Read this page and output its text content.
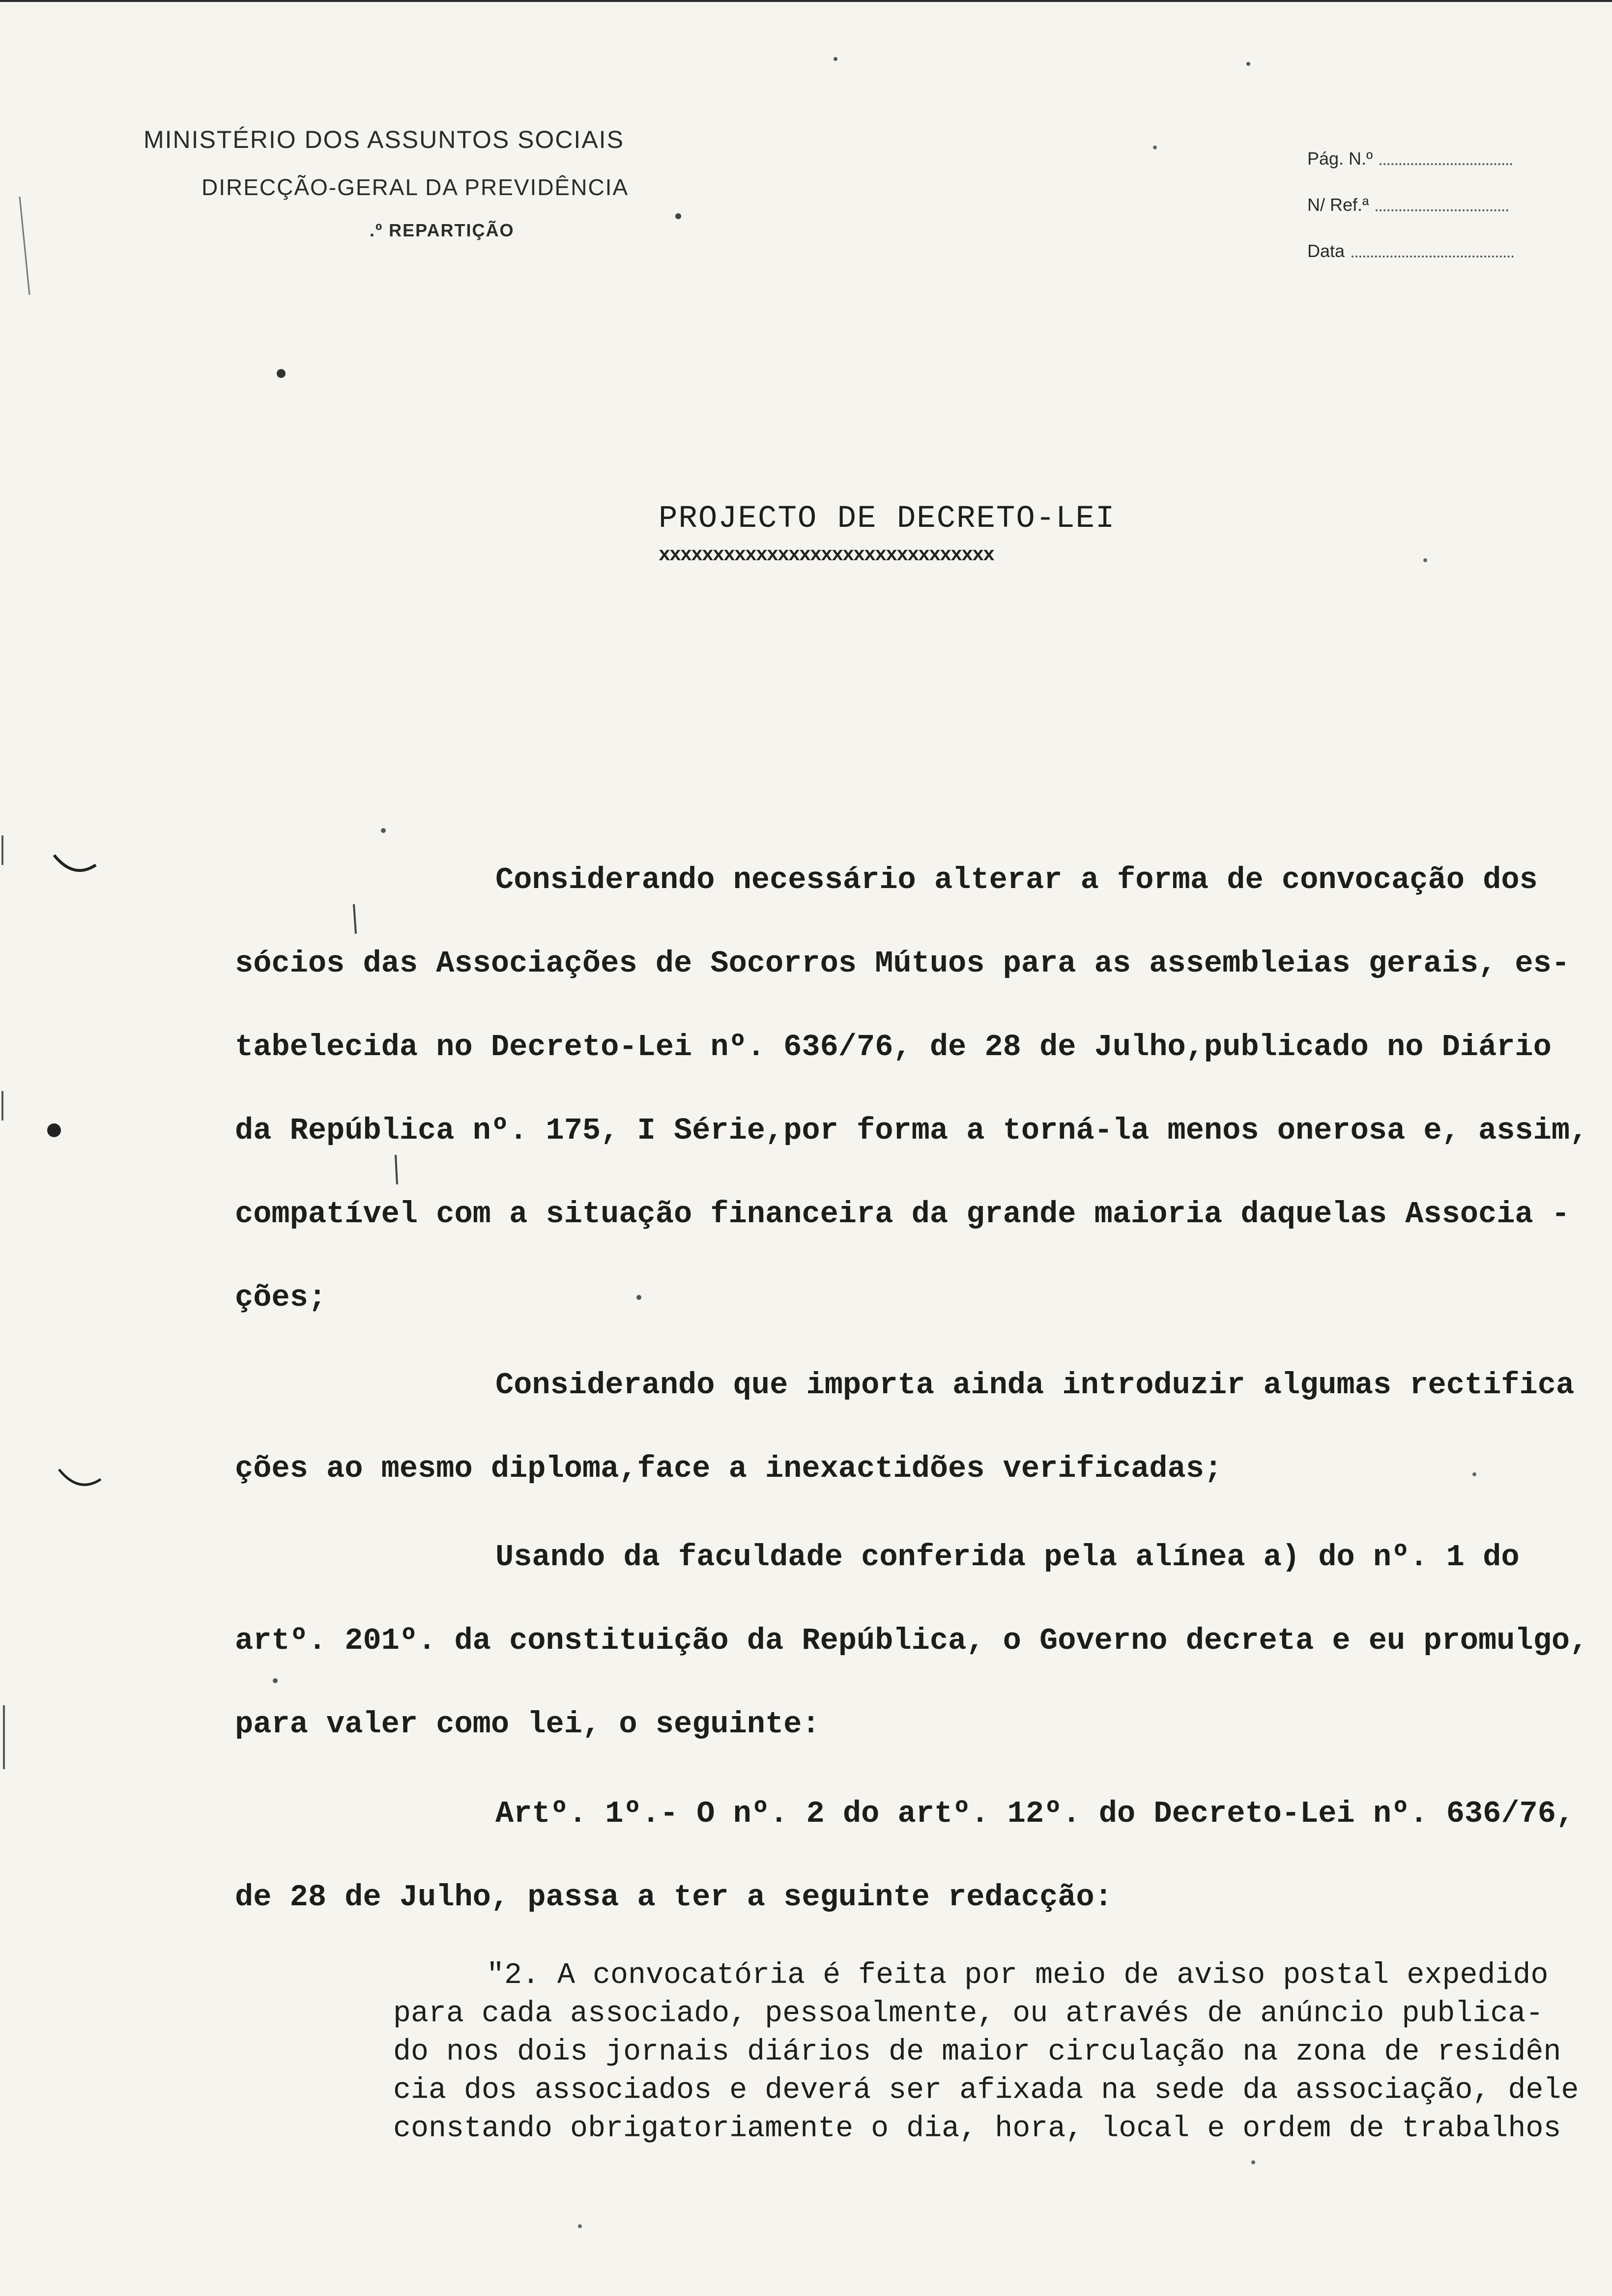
MINISTÉRIO DOS ASSUNTOS SOCIAIS
DIRECÇÃO-GERAL DA PREVIDÊNCIA
.º REPARTIÇÃO
Pág. N.º
N/ Ref.ª
Data
PROJECTO DE DECRETO-LEI
xxxxxxxxxxxxxxxxxxxxxxxxxxxxxxx
Considerando necessário alterar a forma de convocação dos
sócios das Associações de Socorros Mútuos para as assembleias gerais, es-
tabelecida no Decreto-Lei nº. 636/76, de 28 de Julho,publicado no Diário
da República nº. 175, I Série,por forma a torná-la menos onerosa e, assim,
compatível com a situação financeira da grande maioria daquelas Associa -
ções;
Considerando que importa ainda introduzir algumas rectifica
ções ao mesmo diploma,face a inexactidões verificadas;
Usando da faculdade conferida pela alínea a) do nº. 1 do
artº. 201º. da constituição da República, o Governo decreta e eu promulgo,
para valer como lei, o seguinte:
Artº. 1º.- O nº. 2 do artº. 12º. do Decreto-Lei nº. 636/76,
de 28 de Julho, passa a ter a seguinte redacção:
"2. A convocatória é feita por meio de aviso postal expedido
para cada associado, pessoalmente, ou através de anúncio publica-
do nos dois jornais diários de maior circulação na zona de residên
cia dos associados e deverá ser afixada na sede da associação, dele
constando obrigatoriamente o dia, hora, local e ordem de trabalhos
